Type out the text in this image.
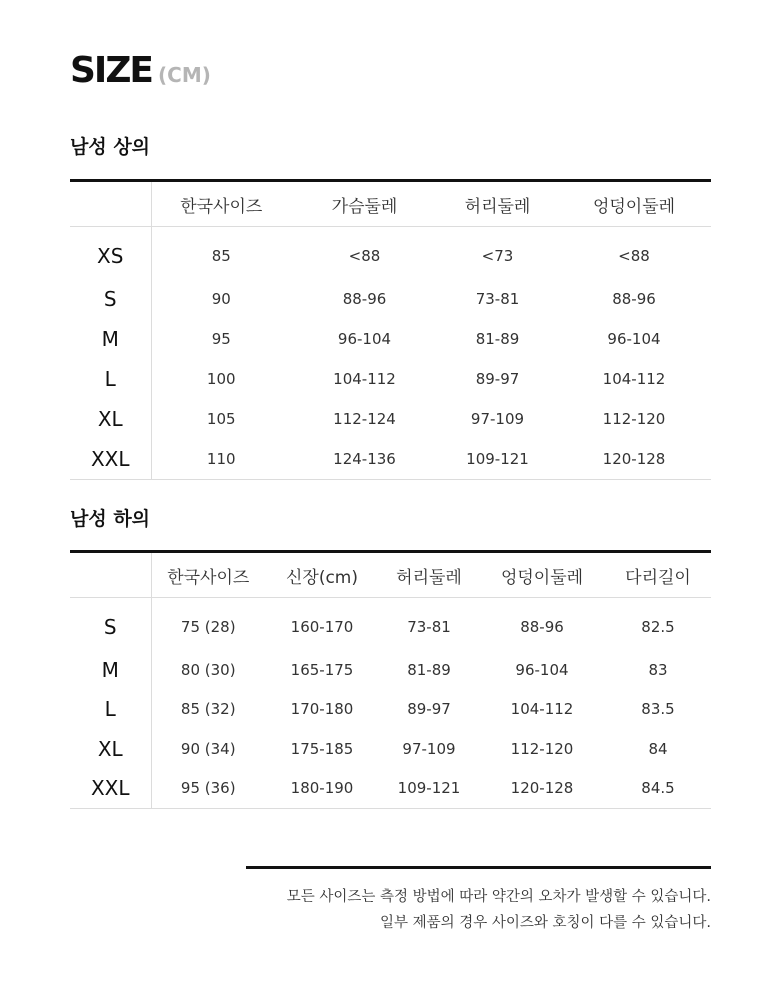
SIZE (CM)
남성 상의
	한국사이즈	가슴둘레	허리둘레	엉덩이둘레
XS	85	<88	<73	<88
S	90	88-96	73-81	88-96
M	95	96-104	81-89	96-104
L	100	104-112	89-97	104-112
XL	105	112-124	97-109	112-120
XXL	110	124-136	109-121	120-128
남성 하의
	한국사이즈	신장(cm)	허리둘레	엉덩이둘레	다리길이
S	75 (28)	160-170	73-81	88-96	82.5
M	80 (30)	165-175	81-89	96-104	83
L	85 (32)	170-180	89-97	104-112	83.5
XL	90 (34)	175-185	97-109	112-120	84
XXL	95 (36)	180-190	109-121	120-128	84.5
모든 사이즈는 측정 방법에 따라 약간의 오차가 발생할 수 있습니다.
일부 제품의 경우 사이즈와 호칭이 다를 수 있습니다.
